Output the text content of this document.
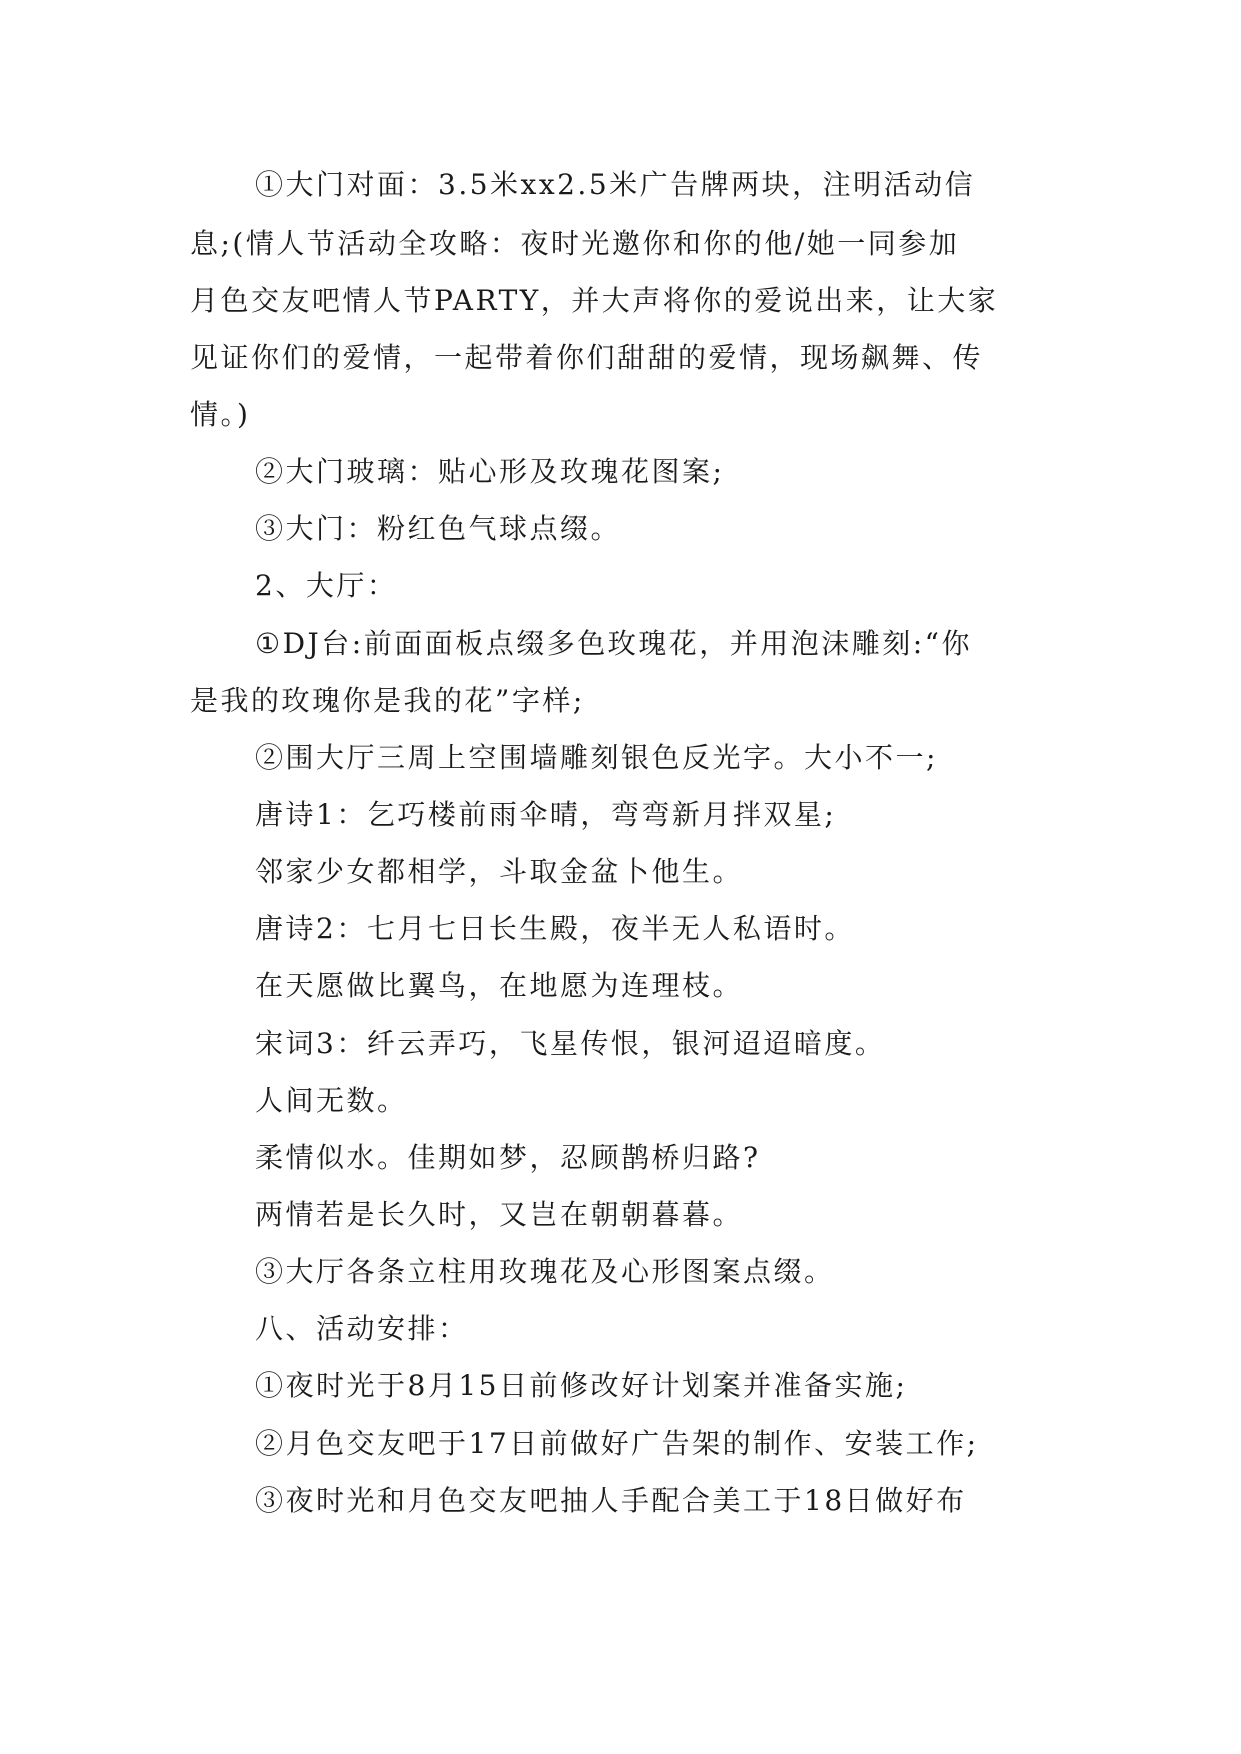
①大门对面：3.5米xx2.5米广告牌两块，注明活动信
息;(情人节活动全攻略：夜时光邀你和你的他/她一同参加
月色交友吧情人节PARTY，并大声将你的爱说出来，让大家
见证你们的爱情，一起带着你们甜甜的爱情，现场飙舞、传
情。)
②大门玻璃：贴心形及玫瑰花图案;
③大门：粉红色气球点缀。
2、大厅：
①DJ台:前面面板点缀多色玫瑰花，并用泡沫雕刻:“你
是我的玫瑰你是我的花”字样;
②围大厅三周上空围墙雕刻银色反光字。大小不一;
唐诗1：乞巧楼前雨伞晴，弯弯新月拌双星;
邻家少女都相学，斗取金盆卜他生。
唐诗2：七月七日长生殿，夜半无人私语时。
在天愿做比翼鸟，在地愿为连理枝。
宋词3：纤云弄巧，飞星传恨，银河迢迢暗度。
人间无数。
柔情似水。佳期如梦，忍顾鹊桥归路?
两情若是长久时，又岂在朝朝暮暮。
③大厅各条立柱用玫瑰花及心形图案点缀。
八、活动安排：
①夜时光于8月15日前修改好计划案并准备实施;
②月色交友吧于17日前做好广告架的制作、安装工作;
③夜时光和月色交友吧抽人手配合美工于18日做好布
